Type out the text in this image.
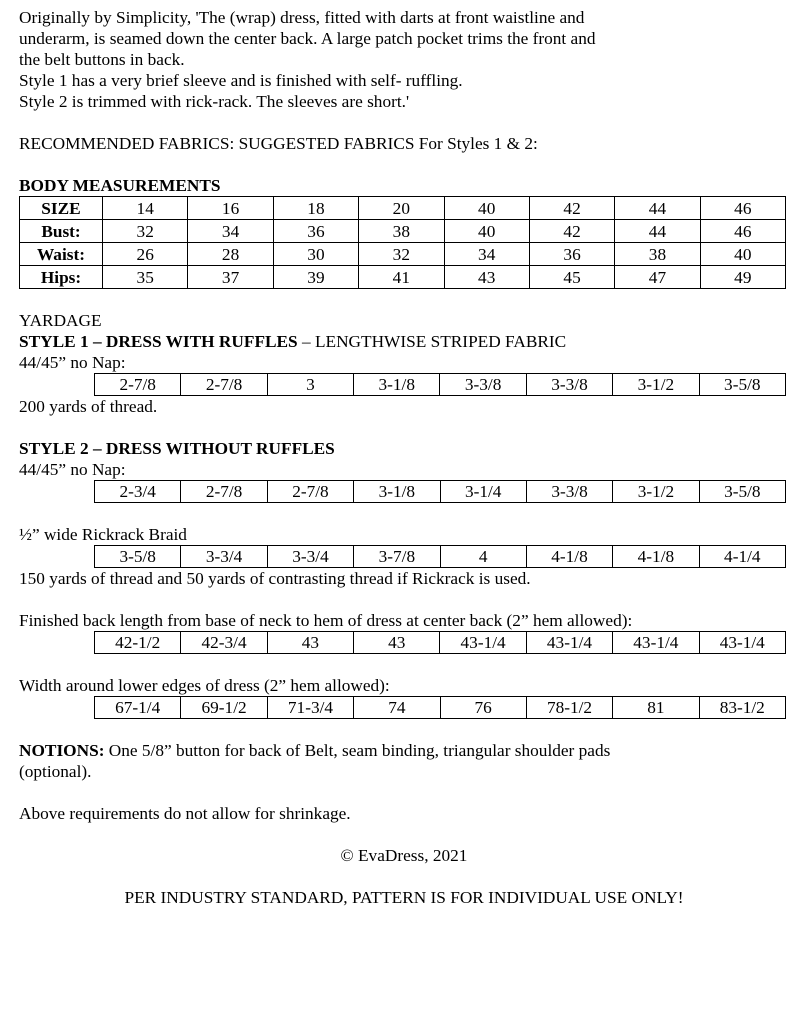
Originally by Simplicity, 'The (wrap) dress, fitted with darts at front waistline and

underarm, is seamed down the center back. A large patch pocket trims the front and

the belt buttons in back.

Style 1 has a very brief sleeve and is finished with self- ruffling.

Style 2 is trimmed with rick-rack. The sleeves are short.'

RECOMMENDED FABRICS: SUGGESTED FABRICS For Styles 1 & 2:

BODY MEASUREMENTS

SIZE	14	16	18	20	40	42	44	46
Bust:	32	34	36	38	40	42	44	46
Waist:	26	28	30	32	34	36	38	40
Hips:	35	37	39	41	43	45	47	49

YARDAGE

STYLE 1 – DRESS WITH RUFFLES – LENGTHWISE STRIPED FABRIC

44/45” no Nap:

2-7/8	2-7/8	3	3-1/8	3-3/8	3-3/8	3-1/2	3-5/8

200 yards of thread.

STYLE 2 – DRESS WITHOUT RUFFLES

44/45” no Nap:

2-3/4	2-7/8	2-7/8	3-1/8	3-1/4	3-3/8	3-1/2	3-5/8

½” wide Rickrack Braid

3-5/8	3-3/4	3-3/4	3-7/8	4	4-1/8	4-1/8	4-1/4

150 yards of thread and 50 yards of contrasting thread if Rickrack is used.

Finished back length from base of neck to hem of dress at center back (2” hem allowed):

42-1/2	42-3/4	43	43	43-1/4	43-1/4	43-1/4	43-1/4

Width around lower edges of dress (2” hem allowed):

67-1/4	69-1/2	71-3/4	74	76	78-1/2	81	83-1/2

NOTIONS: One 5/8” button for back of Belt, seam binding, triangular shoulder pads

(optional).

Above requirements do not allow for shrinkage.

© EvaDress, 2021

PER INDUSTRY STANDARD, PATTERN IS FOR INDIVIDUAL USE ONLY!
